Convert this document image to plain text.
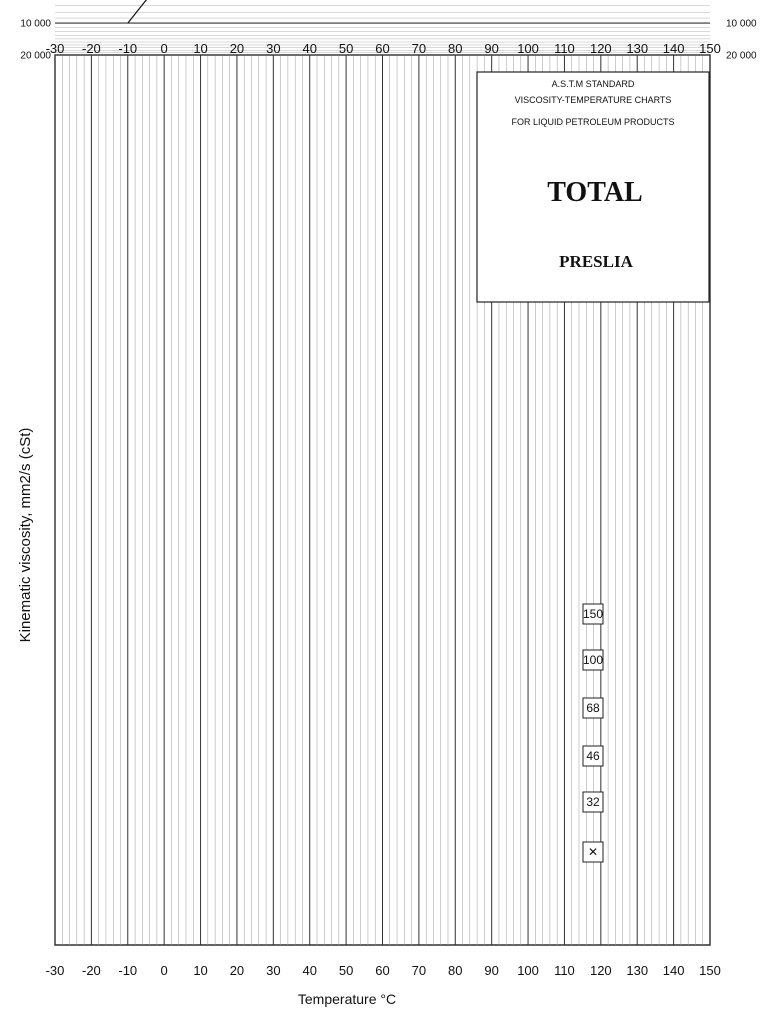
-30 -20 -10 0 10 20 30 40 50 60 70 80 90 100 110 120 130 140 150
-30 -20 -10 0 10 20 30 40 50 60 70 80 90 100 110 120 130 140 150
20 000
10 000
20 000
10 000
A.S.T.M STANDARD
VISCOSITY-TEMPERATURE CHARTS
FOR LIQUID PETROLEUM PRODUCTS
TOTAL
PRESLIA
150
100
68
46
32
✕
Temperature °C
Kinematic viscosity, mm2/s (cSt)
